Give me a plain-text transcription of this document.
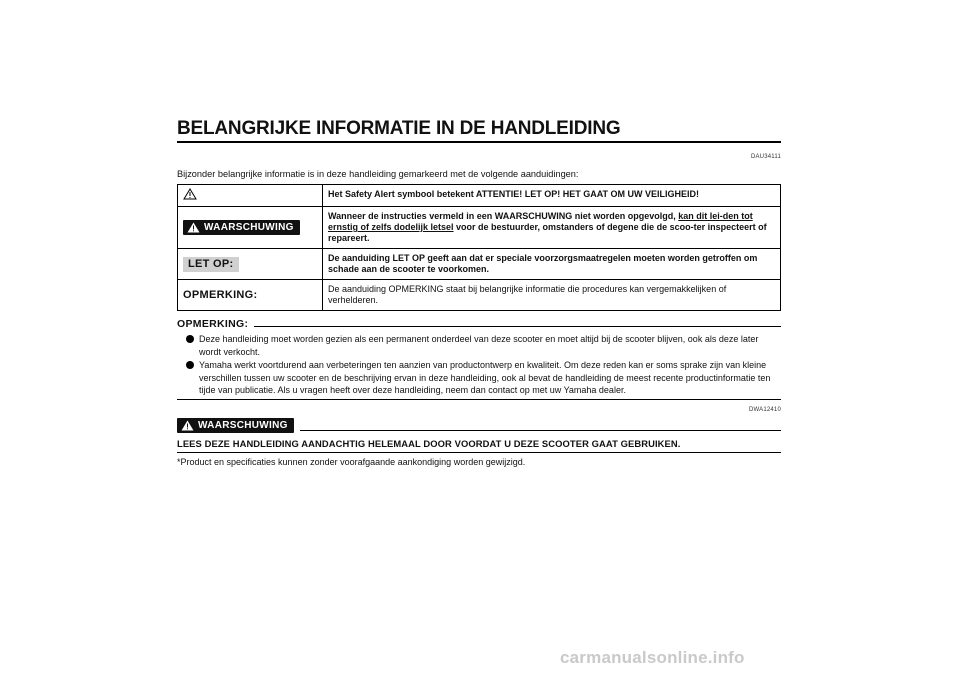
BELANGRIJKE INFORMATIE IN DE HANDLEIDING
DAU34111
Bijzonder belangrijke informatie is in deze handleiding gemarkeerd met de volgende aanduidingen:
	Het Safety Alert symbool betekent ATTENTIE! LET OP! HET GAAT OM UW VEILIGHEID!

WAARSCHUWING	Wanneer de instructies vermeld in een WAARSCHUWING niet worden opgevolgd, kan dit lei-den tot ernstig of zelfs dodelijk letsel voor de bestuurder, omstanders of degene die de scoo-ter inspecteert of repareert.
LET OP:	De aanduiding LET OP geeft aan dat er speciale voorzorgsmaatregelen moeten worden getroffen om schade aan de scooter te voorkomen.
OPMERKING:	De aanduiding OPMERKING staat bij belangrijke informatie die procedures kan vergemakkelijken of verhelderen.
OPMERKING:
Deze handleiding moet worden gezien als een permanent onderdeel van deze scooter en moet altijd bij de scooter blijven, ook als deze later wordt verkocht.
Yamaha werkt voortdurend aan verbeteringen ten aanzien van productontwerp en kwaliteit. Om deze reden kan er soms sprake zijn van kleine verschillen tussen uw scooter en de beschrijving ervan in deze handleiding, ook al bevat de handleiding de meest recente productinformatie ten tijde van publicatie. Als u vragen heeft over deze handleiding, neem dan contact op met uw Yamaha dealer.
DWA12410
WAARSCHUWING
LEES DEZE HANDLEIDING AANDACHTIG HELEMAAL DOOR VOORDAT U DEZE SCOOTER GAAT GEBRUIKEN.
*Product en specificaties kunnen zonder voorafgaande aankondiging worden gewijzigd.
carmanualsonline.info
